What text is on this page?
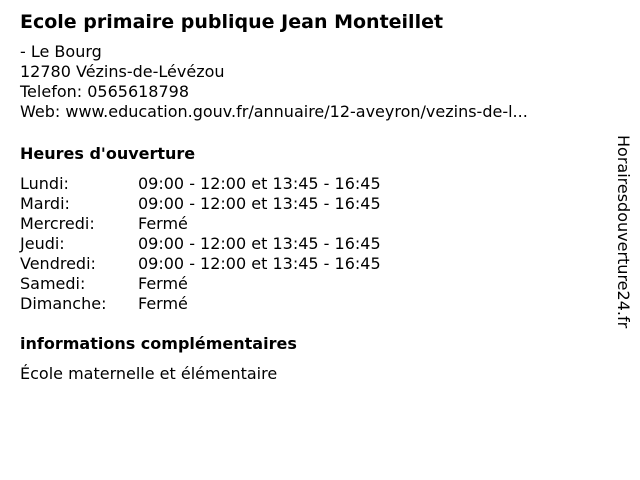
Ecole primaire publique Jean Monteillet
- Le Bourg
12780 Vézins-de-Lévézou
Telefon: 0565618798
Web: www.education.gouv.fr/annuaire/12-aveyron/vezins-de-l...
Heures d'ouverture
Lundi:	09:00 - 12:00 et 13:45 - 16:45
Mardi:	09:00 - 12:00 et 13:45 - 16:45
Mercredi:	Fermé
Jeudi:	09:00 - 12:00 et 13:45 - 16:45
Vendredi:	09:00 - 12:00 et 13:45 - 16:45
Samedi:	Fermé
Dimanche: Fermé
informations complémentaires
École maternelle et élémentaire
Horairesdouverture24.fr
